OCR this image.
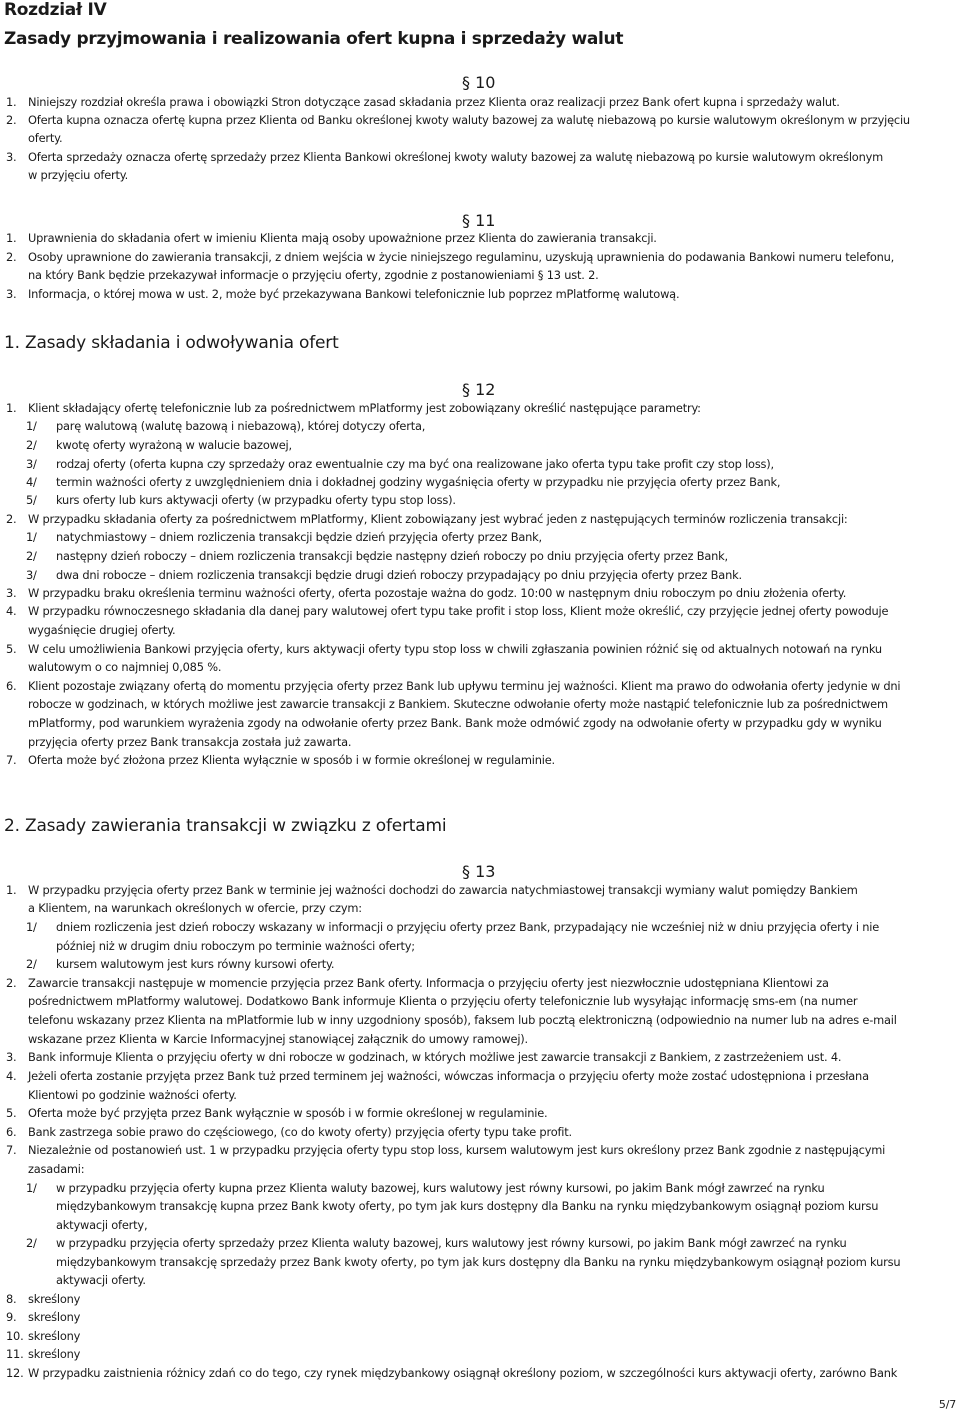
Rozdział IV
Zasady przyjmowania i realizowania ofert kupna i sprzedaży walut
§ 10
§ 11
1. Zasady składania i odwoływania ofert
§ 12
2. Zasady zawierania transakcji w związku z ofertami
§ 13
1.	Niniejszy rozdział określa prawa i obowiązki Stron dotyczące zasad składania przez Klienta oraz realizacji przez Bank ofert kupna i sprzedaży walut.
2.	Oferta kupna oznacza ofertę kupna przez Klienta od Banku określonej kwoty waluty bazowej za walutę niebazową po kursie walutowym określonym w przyjęciu
oferty.
3.	Oferta sprzedaży oznacza ofertę sprzedaży przez Klienta Bankowi określonej kwoty waluty bazowej za walutę niebazową po kursie walutowym określonym
w przyjęciu oferty.
1.	Uprawnienia do składania ofert w imieniu Klienta mają osoby upoważnione przez Klienta do zawierania transakcji.
2.	Osoby uprawnione do zawierania transakcji, z dniem wejścia w życie niniejszego regulaminu, uzyskują uprawnienia do podawania Bankowi numeru telefonu,
na który Bank będzie przekazywał informacje o przyjęciu oferty, zgodnie z postanowieniami § 13 ust. 2.
3.	Informacja, o której mowa w ust. 2, może być przekazywana Bankowi telefonicznie lub poprzez mPlatformę walutową.
1.	Klient składający ofertę telefonicznie lub za pośrednictwem mPlatformy jest zobowiązany określić następujące parametry:
1/	parę walutową (walutę bazową i niebazową), której dotyczy oferta,
2/	kwotę oferty wyrażoną w walucie bazowej,
3/	rodzaj oferty (oferta kupna czy sprzedaży oraz ewentualnie czy ma być ona realizowane jako oferta typu take profit czy stop loss),
4/	termin ważności oferty z uwzględnieniem dnia i dokładnej godziny wygaśnięcia oferty w przypadku nie przyjęcia oferty przez Bank,
5/	kurs oferty lub kurs aktywacji oferty (w przypadku oferty typu stop loss).
2.	W przypadku składania oferty za pośrednictwem mPlatformy, Klient zobowiązany jest wybrać jeden z następujących terminów rozliczenia transakcji:
1/	natychmiastowy – dniem rozliczenia transakcji będzie dzień przyjęcia oferty przez Bank,
2/	następny dzień roboczy – dniem rozliczenia transakcji będzie następny dzień roboczy po dniu przyjęcia oferty przez Bank,
3/	dwa dni robocze – dniem rozliczenia transakcji będzie drugi dzień roboczy przypadający po dniu przyjęcia oferty przez Bank.
3.	W przypadku braku określenia terminu ważności oferty, oferta pozostaje ważna do godz. 10:00 w następnym dniu roboczym po dniu złożenia oferty.
4.	W przypadku równoczesnego składania dla danej pary walutowej ofert typu take profit i stop loss, Klient może określić, czy przyjęcie jednej oferty powoduje
wygaśnięcie drugiej oferty.
5.	W celu umożliwienia Bankowi przyjęcia oferty, kurs aktywacji oferty typu stop loss w chwili zgłaszania powinien różnić się od aktualnych notowań na rynku
walutowym o co najmniej 0,085 %.
6.	Klient pozostaje związany ofertą do momentu przyjęcia oferty przez Bank lub upływu terminu jej ważności. Klient ma prawo do odwołania oferty jedynie w dni
robocze w godzinach, w których możliwe jest zawarcie transakcji z Bankiem. Skuteczne odwołanie oferty może nastąpić telefonicznie lub za pośrednictwem
mPlatformy, pod warunkiem wyrażenia zgody na odwołanie oferty przez Bank. Bank może odmówić zgody na odwołanie oferty w przypadku gdy w wyniku
przyjęcia oferty przez Bank transakcja została już zawarta.
7.	Oferta może być złożona przez Klienta wyłącznie w sposób i w formie określonej w regulaminie.
1.	W przypadku przyjęcia oferty przez Bank w terminie jej ważności dochodzi do zawarcia natychmiastowej transakcji wymiany walut pomiędzy Bankiem
a Klientem, na warunkach określonych w ofercie, przy czym:
1/	dniem rozliczenia jest dzień roboczy wskazany w informacji o przyjęciu oferty przez Bank, przypadający nie wcześniej niż w dniu przyjęcia oferty i nie
później niż w drugim dniu roboczym po terminie ważności oferty;
2/	kursem walutowym jest kurs równy kursowi oferty.
2.	Zawarcie transakcji następuje w momencie przyjęcia przez Bank oferty. Informacja o przyjęciu oferty jest niezwłocznie udostępniana Klientowi za
pośrednictwem mPlatformy walutowej. Dodatkowo Bank informuje Klienta o przyjęciu oferty telefonicznie lub wysyłając informację sms-em (na numer
telefonu wskazany przez Klienta na mPlatformie lub w inny uzgodniony sposób), faksem lub pocztą elektroniczną (odpowiednio na numer lub na adres e-mail
wskazane przez Klienta w Karcie Informacyjnej stanowiącej załącznik do umowy ramowej).
3.	Bank informuje Klienta o przyjęciu oferty w dni robocze w godzinach, w których możliwe jest zawarcie transakcji z Bankiem, z zastrzeżeniem ust. 4.
4.	Jeżeli oferta zostanie przyjęta przez Bank tuż przed terminem jej ważności, wówczas informacja o przyjęciu oferty może zostać udostępniona i przesłana
Klientowi po godzinie ważności oferty.
5.	Oferta może być przyjęta przez Bank wyłącznie w sposób i w formie określonej w regulaminie.
6.	Bank zastrzega sobie prawo do częściowego, (co do kwoty oferty) przyjęcia oferty typu take profit.
7.	Niezależnie od postanowień ust. 1 w przypadku przyjęcia oferty typu stop loss, kursem walutowym jest kurs określony przez Bank zgodnie z następującymi
zasadami:
1/	w przypadku przyjęcia oferty kupna przez Klienta waluty bazowej, kurs walutowy jest równy kursowi, po jakim Bank mógł zawrzeć na rynku
międzybankowym transakcję kupna przez Bank kwoty oferty, po tym jak kurs dostępny dla Banku na rynku międzybankowym osiągnął poziom kursu
aktywacji oferty,
2/	w przypadku przyjęcia oferty sprzedaży przez Klienta waluty bazowej, kurs walutowy jest równy kursowi, po jakim Bank mógł zawrzeć na rynku
międzybankowym transakcję sprzedaży przez Bank kwoty oferty, po tym jak kurs dostępny dla Banku na rynku międzybankowym osiągnął poziom kursu
aktywacji oferty.
8.	skreślony
9.	skreślony
10. skreślony
11. skreślony
12. W przypadku zaistnienia różnicy zdań co do tego, czy rynek międzybankowy osiągnął określony poziom, w szczególności kurs aktywacji oferty, zarówno Bank
5/7
